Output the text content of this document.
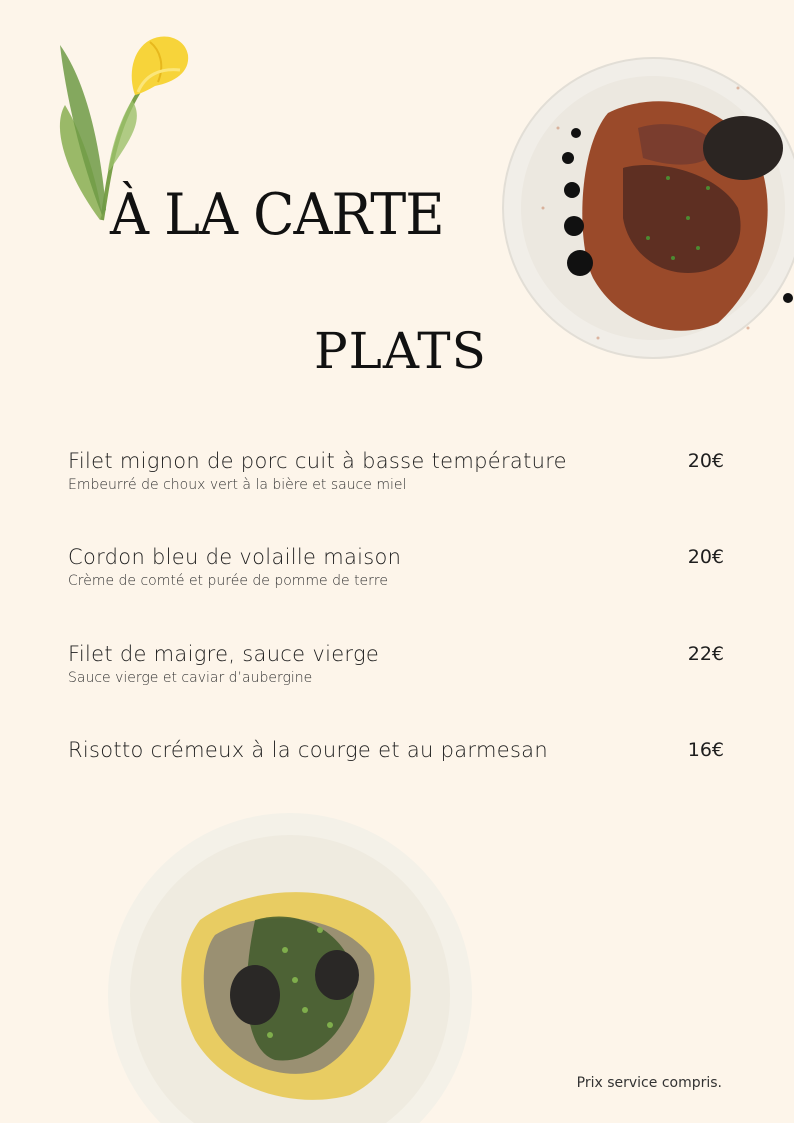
À LA CARTE
PLATS
Filet mignon de porc cuit à basse température
Embeurré de choux vert à la bière et sauce miel
20€
Cordon bleu de volaille maison
Crème de comté et purée de pomme de terre
20€
Filet de maigre, sauce vierge
Sauce vierge et caviar d’aubergine
22€
Risotto crémeux à la courge et au parmesan	16€
Prix service compris.
